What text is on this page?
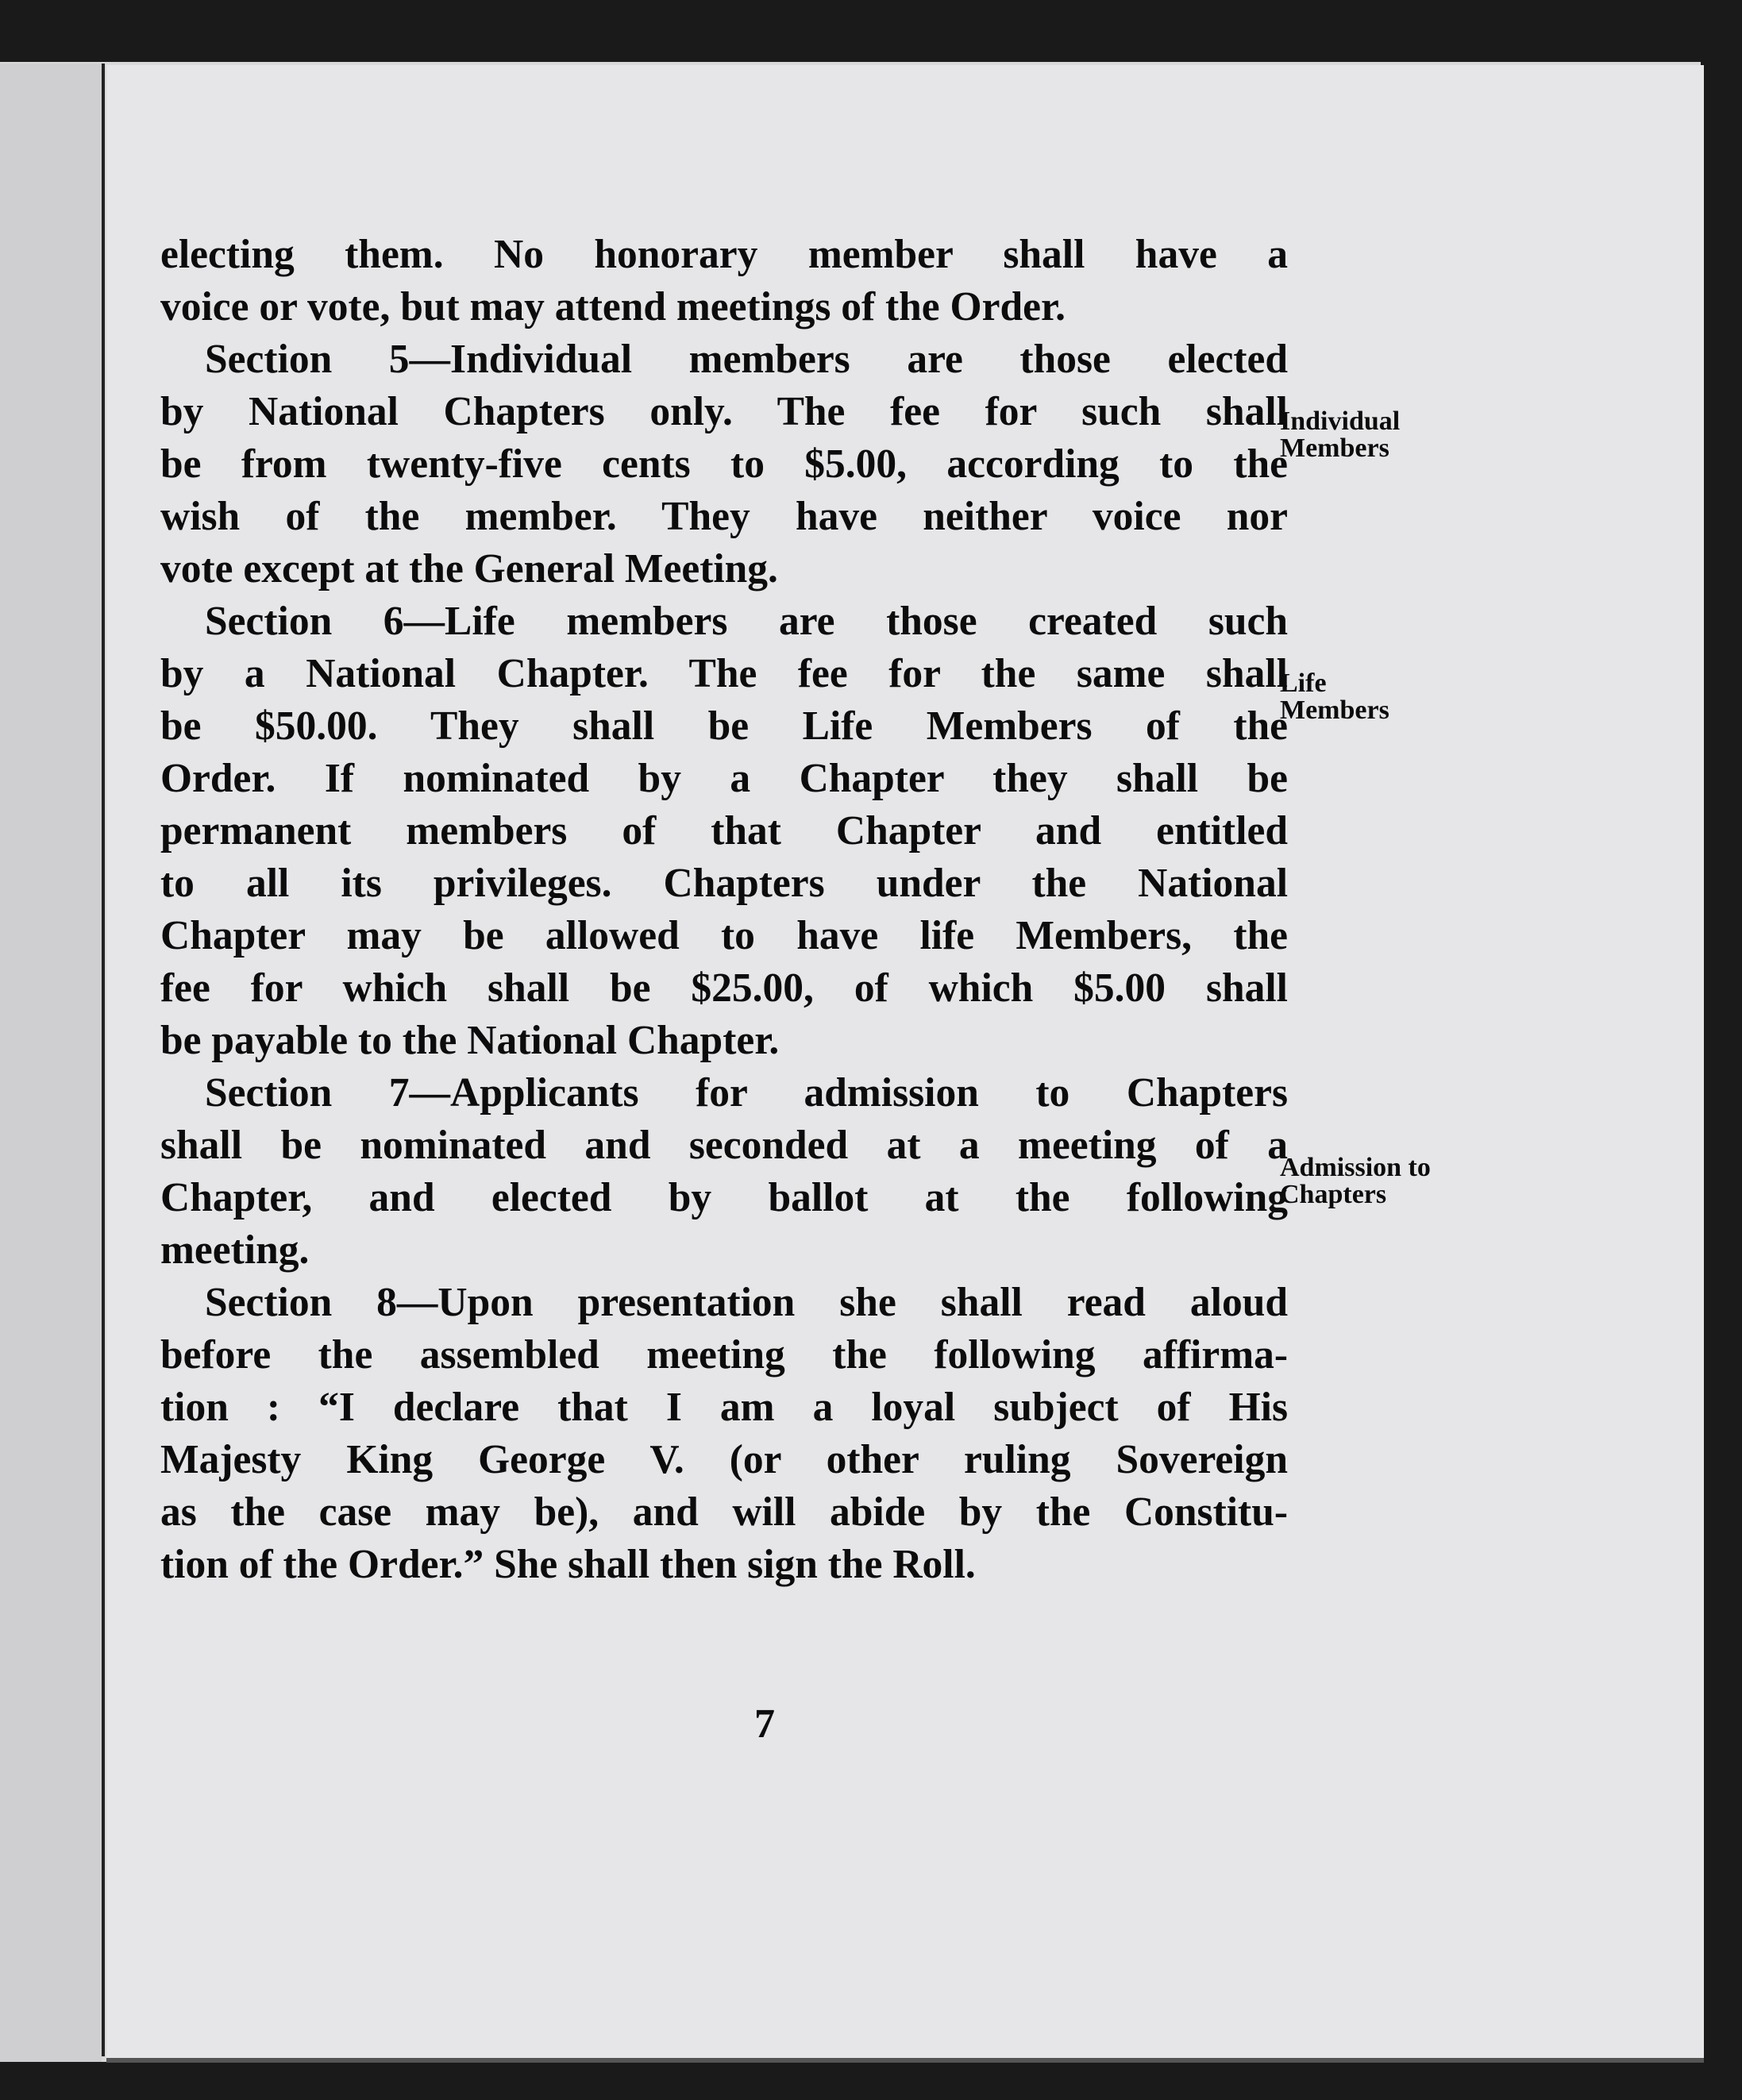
electing them. No honorary member shall have a
voice or vote, but may attend meetings of the Order.
Section 5—Individual members are those elected
by National Chapters only. The fee for such shall
be from twenty-five cents to $5.00, according to the
wish of the member. They have neither voice nor
vote except at the General Meeting.
Section 6—Life members are those created such
by a National Chapter. The fee for the same shall
be $50.00. They shall be Life Members of the
Order. If nominated by a Chapter they shall be
permanent members of that Chapter and entitled
to all its privileges. Chapters under the National
Chapter may be allowed to have life Members, the
fee for which shall be $25.00, of which $5.00 shall
be payable to the National Chapter.
Section 7—Applicants for admission to Chapters
shall be nominated and seconded at a meeting of a
Chapter, and elected by ballot at the following
meeting.
Section 8—Upon presentation she shall read aloud
before the assembled meeting the following affirma-
tion : “I declare that I am a loyal subject of His
Majesty King George V. (or other ruling Sovereign
as the case may be), and will abide by the Constitu-
tion of the Order.” She shall then sign the Roll.
Individual
Members
Life
Members
Admission to
Chapters
7
